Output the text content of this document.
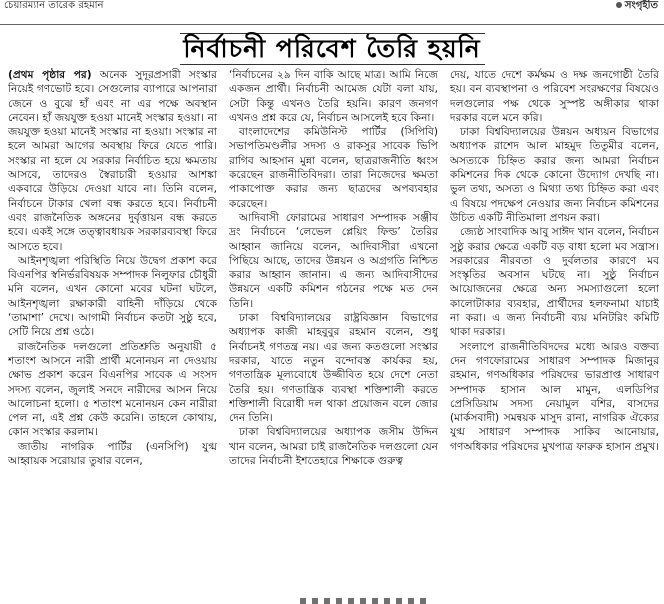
চেয়ারম্যান তারেক রহমান	সংগৃহীত
নির্বাচনী পরিবেশ তৈরি হয়নি

(প্রথম পৃষ্ঠার পর) অনেক সুদূরপ্রসারী সংস্কার নিয়েই গণভোট হবে। সেগুলোর ব্যাপারে আপনারা জেনে ও বুঝে হাঁ এবং না এর পক্ষে অবস্থান নেবেন। হাঁ জয়যুক্ত হওয়া মানেই সংস্কার হওয়া। না জয়যুক্ত হওয়া মানেই সংস্কার না হওয়া। সংস্কার না হলে আমরা আগের অবস্থায় ফিরে যেতে পারি। সংস্কার না হলে যে সরকার নির্বাচিত হয়ে ক্ষমতায় আসবে, তাদেরও স্বৈরাচারী হওয়ার আশঙ্কা একবারে উড়িয়ে দেওয়া যাবে না। তিনি বলেন, নির্বাচনে টাকার খেলা বন্ধ করতে হবে। নির্বাচনী এবং রাজনৈতিক অঙ্গনের দুর্বৃত্তায়ন বন্ধ করতে হবে। একই সঙ্গে তত্ত্বাবধায়ক সরকারব্যবস্থা ফিরে আসতে হবে।

আইনশৃঙ্খলা পরিস্থিতি নিয়ে উদ্বেগ প্রকাশ করে বিএনপির স্বনির্ভরবিষয়ক সম্পাদক নিলুফার চৌধুরী মনি বলেন, এখন কোনো মবের ঘটনা ঘটলে, আইনশৃঙ্খলা রক্ষাকারী বাহিনী দাঁড়িয়ে থেকে ‘তামাশা’ দেখে। আগামী নির্বাচন কতটা সুষ্ঠু হবে, সেটি নিয়ে প্রশ্ন ওঠে।

রাজনৈতিক দলগুলো প্রতিশ্রুতি অনুযায়ী ৫ শতাংশ আসনে নারী প্রার্থী মনোনয়ন না দেওয়ায় ক্ষোভ প্রকাশ করেন বিএনপির সাবেক এ সংসদ সদস্য বলেন, জুলাই সনদে নারীদের আসন নিয়ে আলোচনা হলো। ৫ শতাংশ মনোনয়ন কেন নারীরা পেল না, এই প্রশ্ন কেউ করেনি। তাহলে কোথায়, কোন সংস্কার করলাম।

জাতীয় নাগরিক পার্টির (এনসিপি) যুগ্ম আহ্বায়ক সরোয়ার তুষার বলেন,

‘নির্বাচনের ২৯ দিন বাকি আছে মাত্র। আমি নিজে একজন প্রার্থী। নির্বাচনী আমেজ যেটা বলা যায়, সেটা কিন্তু এখনও তৈরি হয়নি। কারণ জনগণ এখনও প্রশ্ন করে যে, নির্বাচন আসলেই হবে কিনা।

বাংলাদেশের কমিউনিস্ট পার্টির (সিপিবি) সভাপতিমণ্ডলীর সদস্য ও রাকসুর সাবেক ভিপি রাগিব আহসান মুন্না বলেন, ছাত্ররাজনীতি ধ্বংস করেছেন রাজনীতিবিদরা। তারা নিজেদের ক্ষমতা পাকাপোক্ত করার জন্য ছাত্রদের অপব্যবহার করেছেন।

আদিবাসী ফোরামের সাধারণ সম্পাদক সঞ্জীব দ্রং নির্বাচনে ‘লেভেল প্লেয়িং ফিল্ড’ তৈরির আহ্বান জানিয়ে বলেন, আদিবাসীরা এখনো পিছিয়ে আছে, তাদের উন্নয়ন ও অগ্রগতি নিশ্চিত করার আহ্বান জানান। এ জন্য আদিবাসীদের উন্নয়নে একটি কমিশন গঠনের পক্ষে মত দেন তিনি।

ঢাকা বিশ্ববিদ্যালয়ের রাষ্ট্রবিজ্ঞান বিভাগের অধ্যাপক কাজী মাহবুবুর রহমান বলেন, শুধু নির্বাচনই গণতন্ত্র নয়। এর জন্য কতগুলো সংস্কার দরকার, যাতে নতুন বন্দোবস্ত কার্যকর হয়, গণতান্ত্রিক মূল্যবোধে উজ্জীবিত হয়ে দেশে নেতা তৈরি হয়। গণতান্ত্রিক ব্যবস্থা শক্তিশালী করতে শক্তিশালী বিরোধী দল থাকা প্রয়োজন বলে জোর দেন তিনি।

ঢাকা বিশ্ববিদ্যালয়ের অধ্যাপক জসীম উদ্দিন খান বলেন, আমরা চাই রাজনৈতিক দলগুলো যেন তাদের নির্বাচনী ইশতেহারে শিক্ষাকে গুরুত্ব

দেয়, যাতে দেশে কর্মক্ষম ও দক্ষ জনগোষ্ঠী তৈরি হয়। বন ব্যবস্থাপনা ও পরিবেশ সংরক্ষণের বিষয়েও দলগুলোর পক্ষ থেকে সুস্পষ্ট অঙ্গীকার থাকা দরকার বলে মনে করি।

ঢাকা বিশ্ববিদ্যালয়ের উন্নয়ন অধ্যয়ন বিভাগের অধ্যাপক রাশেদ আল মাহমুদ তিতুমীর বলেন, অসত্যকে চিহ্নিত করার জন্য আমরা নির্বাচন কমিশনের দিক থেকে কোনো উদ্যোগ দেখছি না। ভুল তথ্য, অসত্য ও মিথ্যা তথ্য চিহ্নিত করা এবং এ বিষয়ে পদক্ষেপ নেওয়ার জন্য নির্বাচন কমিশনের উচিত একটি নীতিমালা প্রণয়ন করা।

জ্যেষ্ঠ সাংবাদিক আবু সাঈদ খান বলেন, নির্বাচন সুষ্ঠু করার ক্ষেত্রে একটি বড় বাধা হলো মব সন্ত্রাস। সরকারের নীরবতা ও দুর্বলতার কারণে মব সংস্কৃতির অবসান ঘটছে না। সুষ্ঠু নির্বাচন আয়োজনের ক্ষেত্রে অন্য সমস্যাগুলো হলো কালোটাকার ব্যবহার, প্রার্থীদের হলফনামা যাচাই না করা। এ জন্য নির্বাচনী ব্যয় মনিটরিং কমিটি থাকা দরকার।

সংলাপে রাজনীতিবিদদের মধ্যে আরও বক্তব্য দেন গণফোরামের সাধারণ সম্পাদক মিজানুর রহমান, গণঅধিকার পরিষদের ভারপ্রাপ্ত সাধারণ সম্পাদক হাসান আল মামুন, এলডিপির প্রেসিডিয়াম সদস্য নেয়ামুল বশির, বাসদের (মার্কসবাদী) সমন্বয়ক মাসুদ রানা, নাগরিক ঐক্যের যুগ্ম সাধারণ সম্পাদক সাকিব আনোয়ার, গণঅধিকার পরিষদের মুখপাত্র ফারুক হাসান প্রমুখ।
